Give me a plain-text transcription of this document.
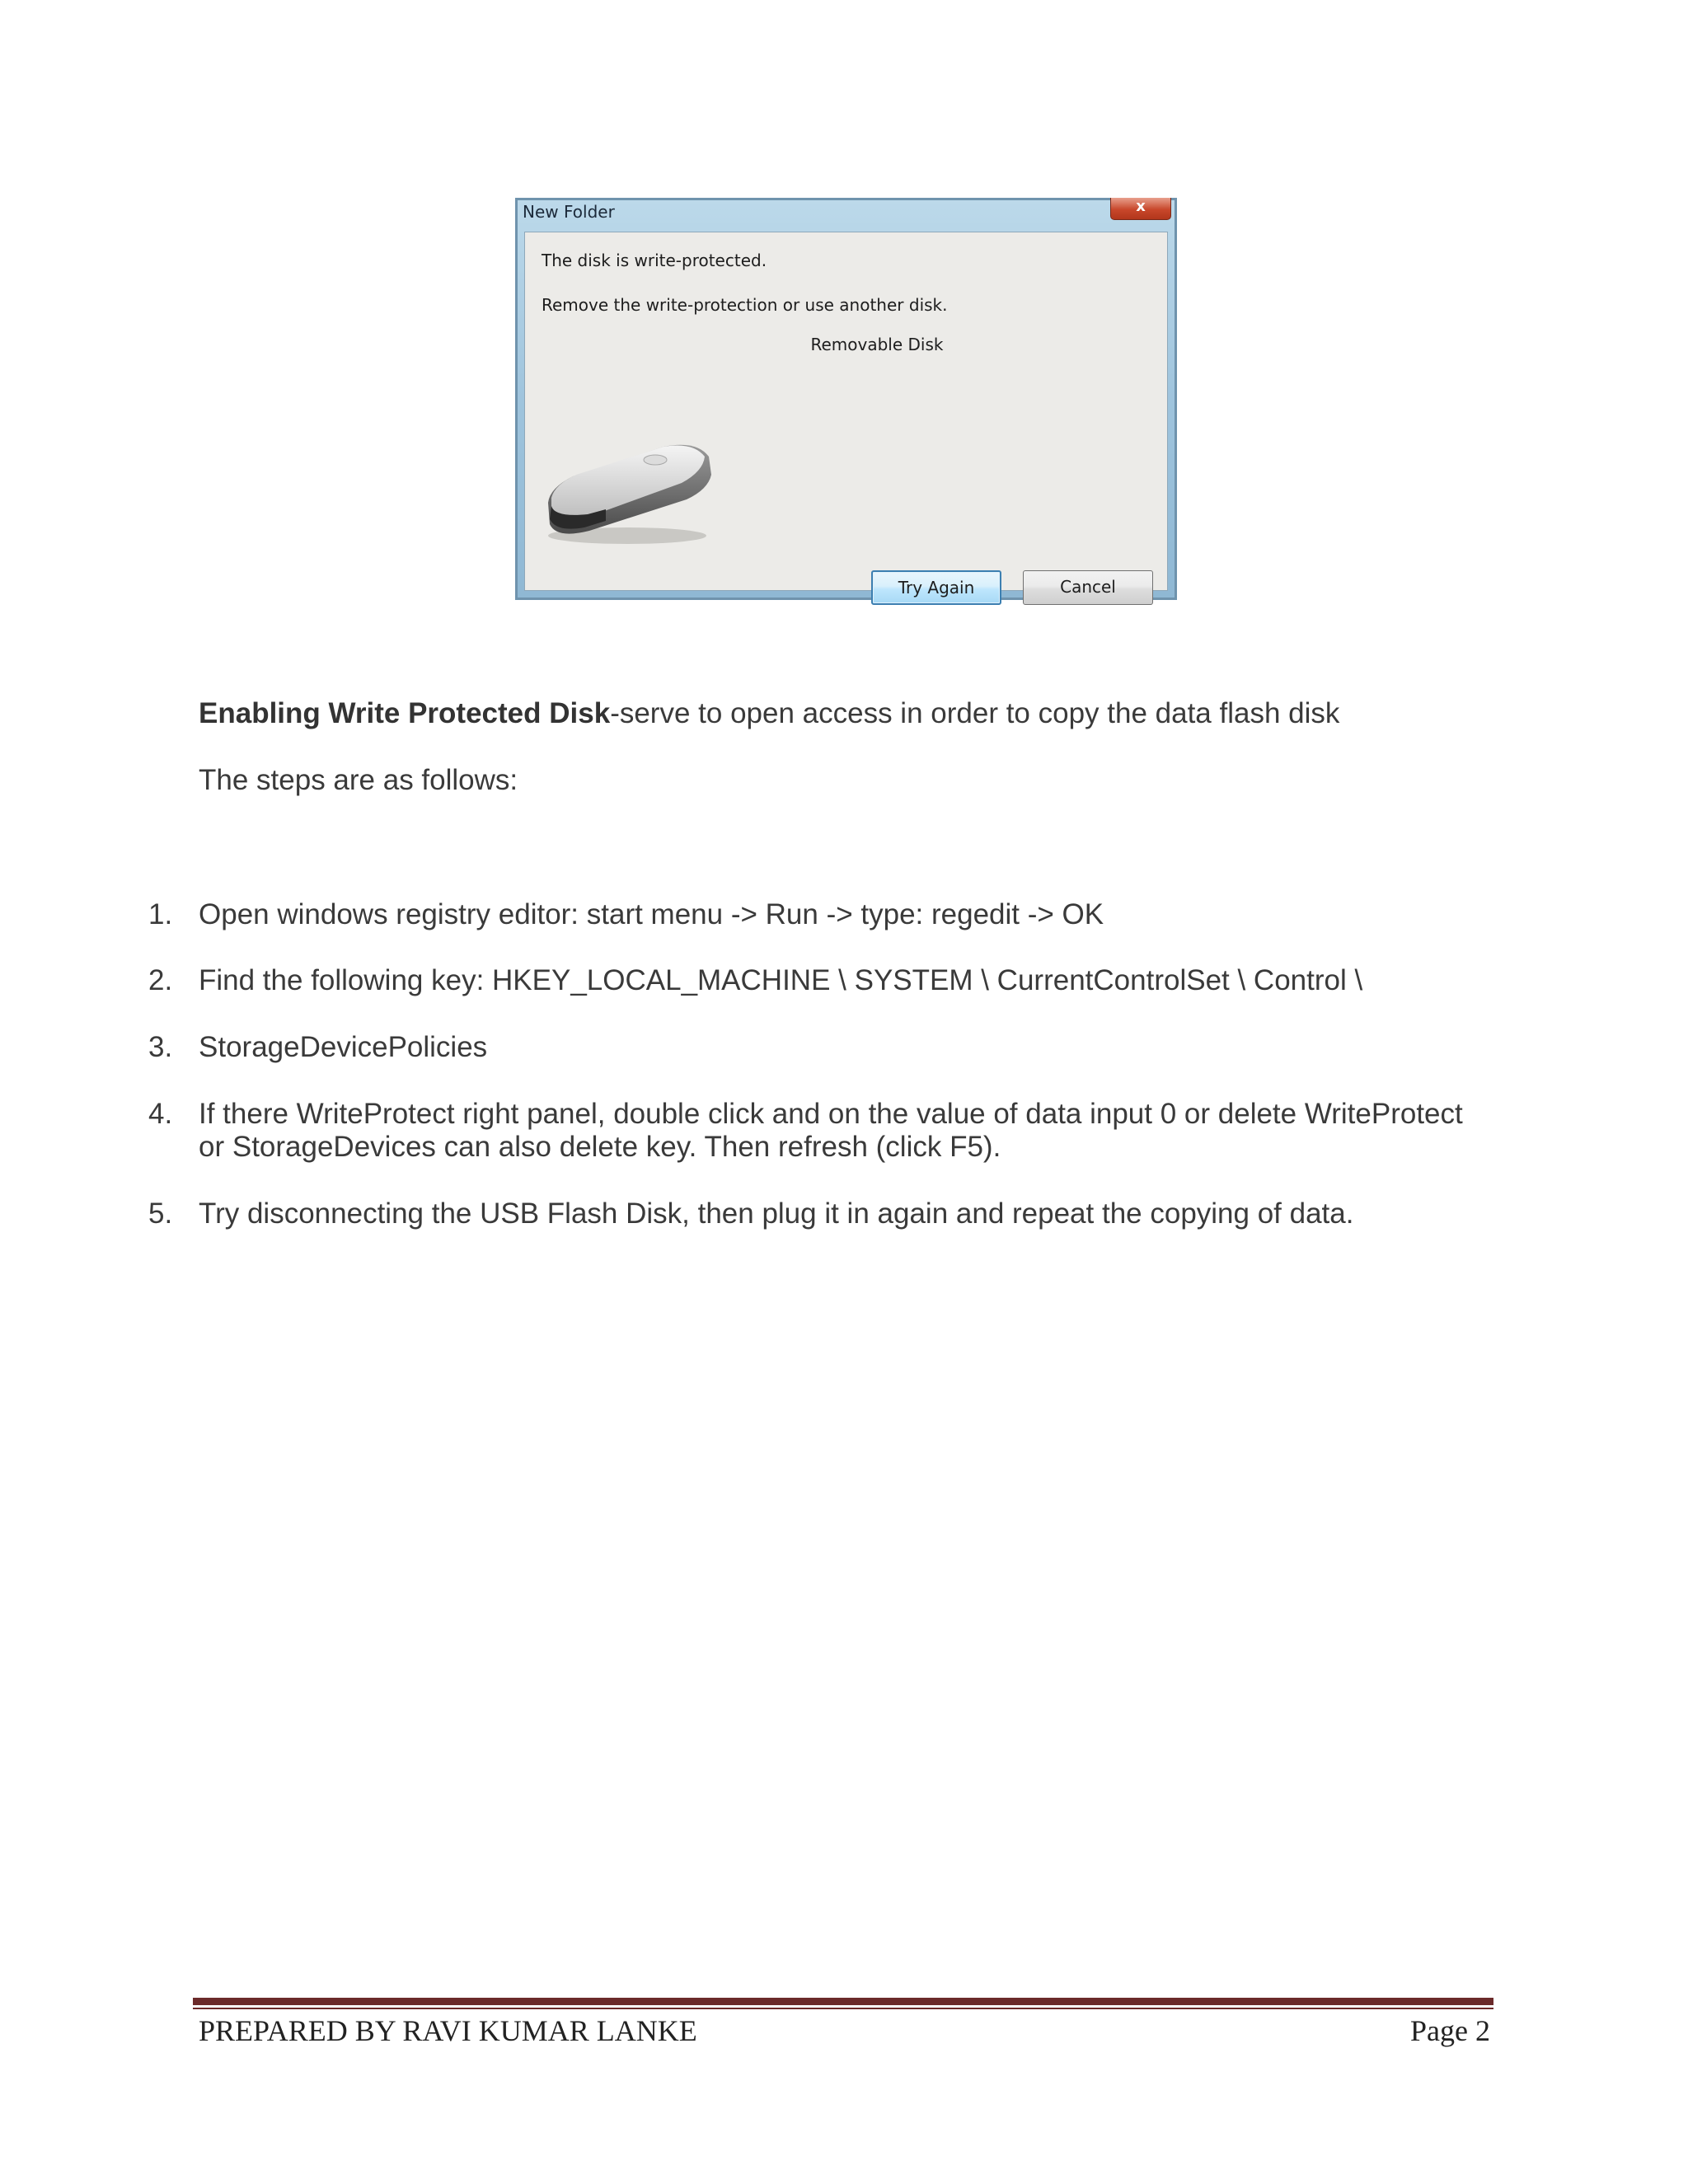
New Folder	x
The disk is write-protected.
Remove the write-protection or use another disk.
Removable Disk
Try Again	Cancel
Enabling Write Protected Disk-serve to open access in order to copy the data flash disk
The steps are as follows:
1. Open windows registry editor: start menu -> Run -> type: regedit -> OK
2. Find the following key: HKEY_LOCAL_MACHINE \ SYSTEM \ CurrentControlSet \ Control \
3. StorageDevicePolicies
4. If there WriteProtect right panel, double click and on the value of data input 0 or delete WriteProtect
or StorageDevices can also delete key. Then refresh (click F5).
5. Try disconnecting the USB Flash Disk, then plug it in again and repeat the copying of data.
PREPARED BY RAVI KUMAR LANKE	Page 2
